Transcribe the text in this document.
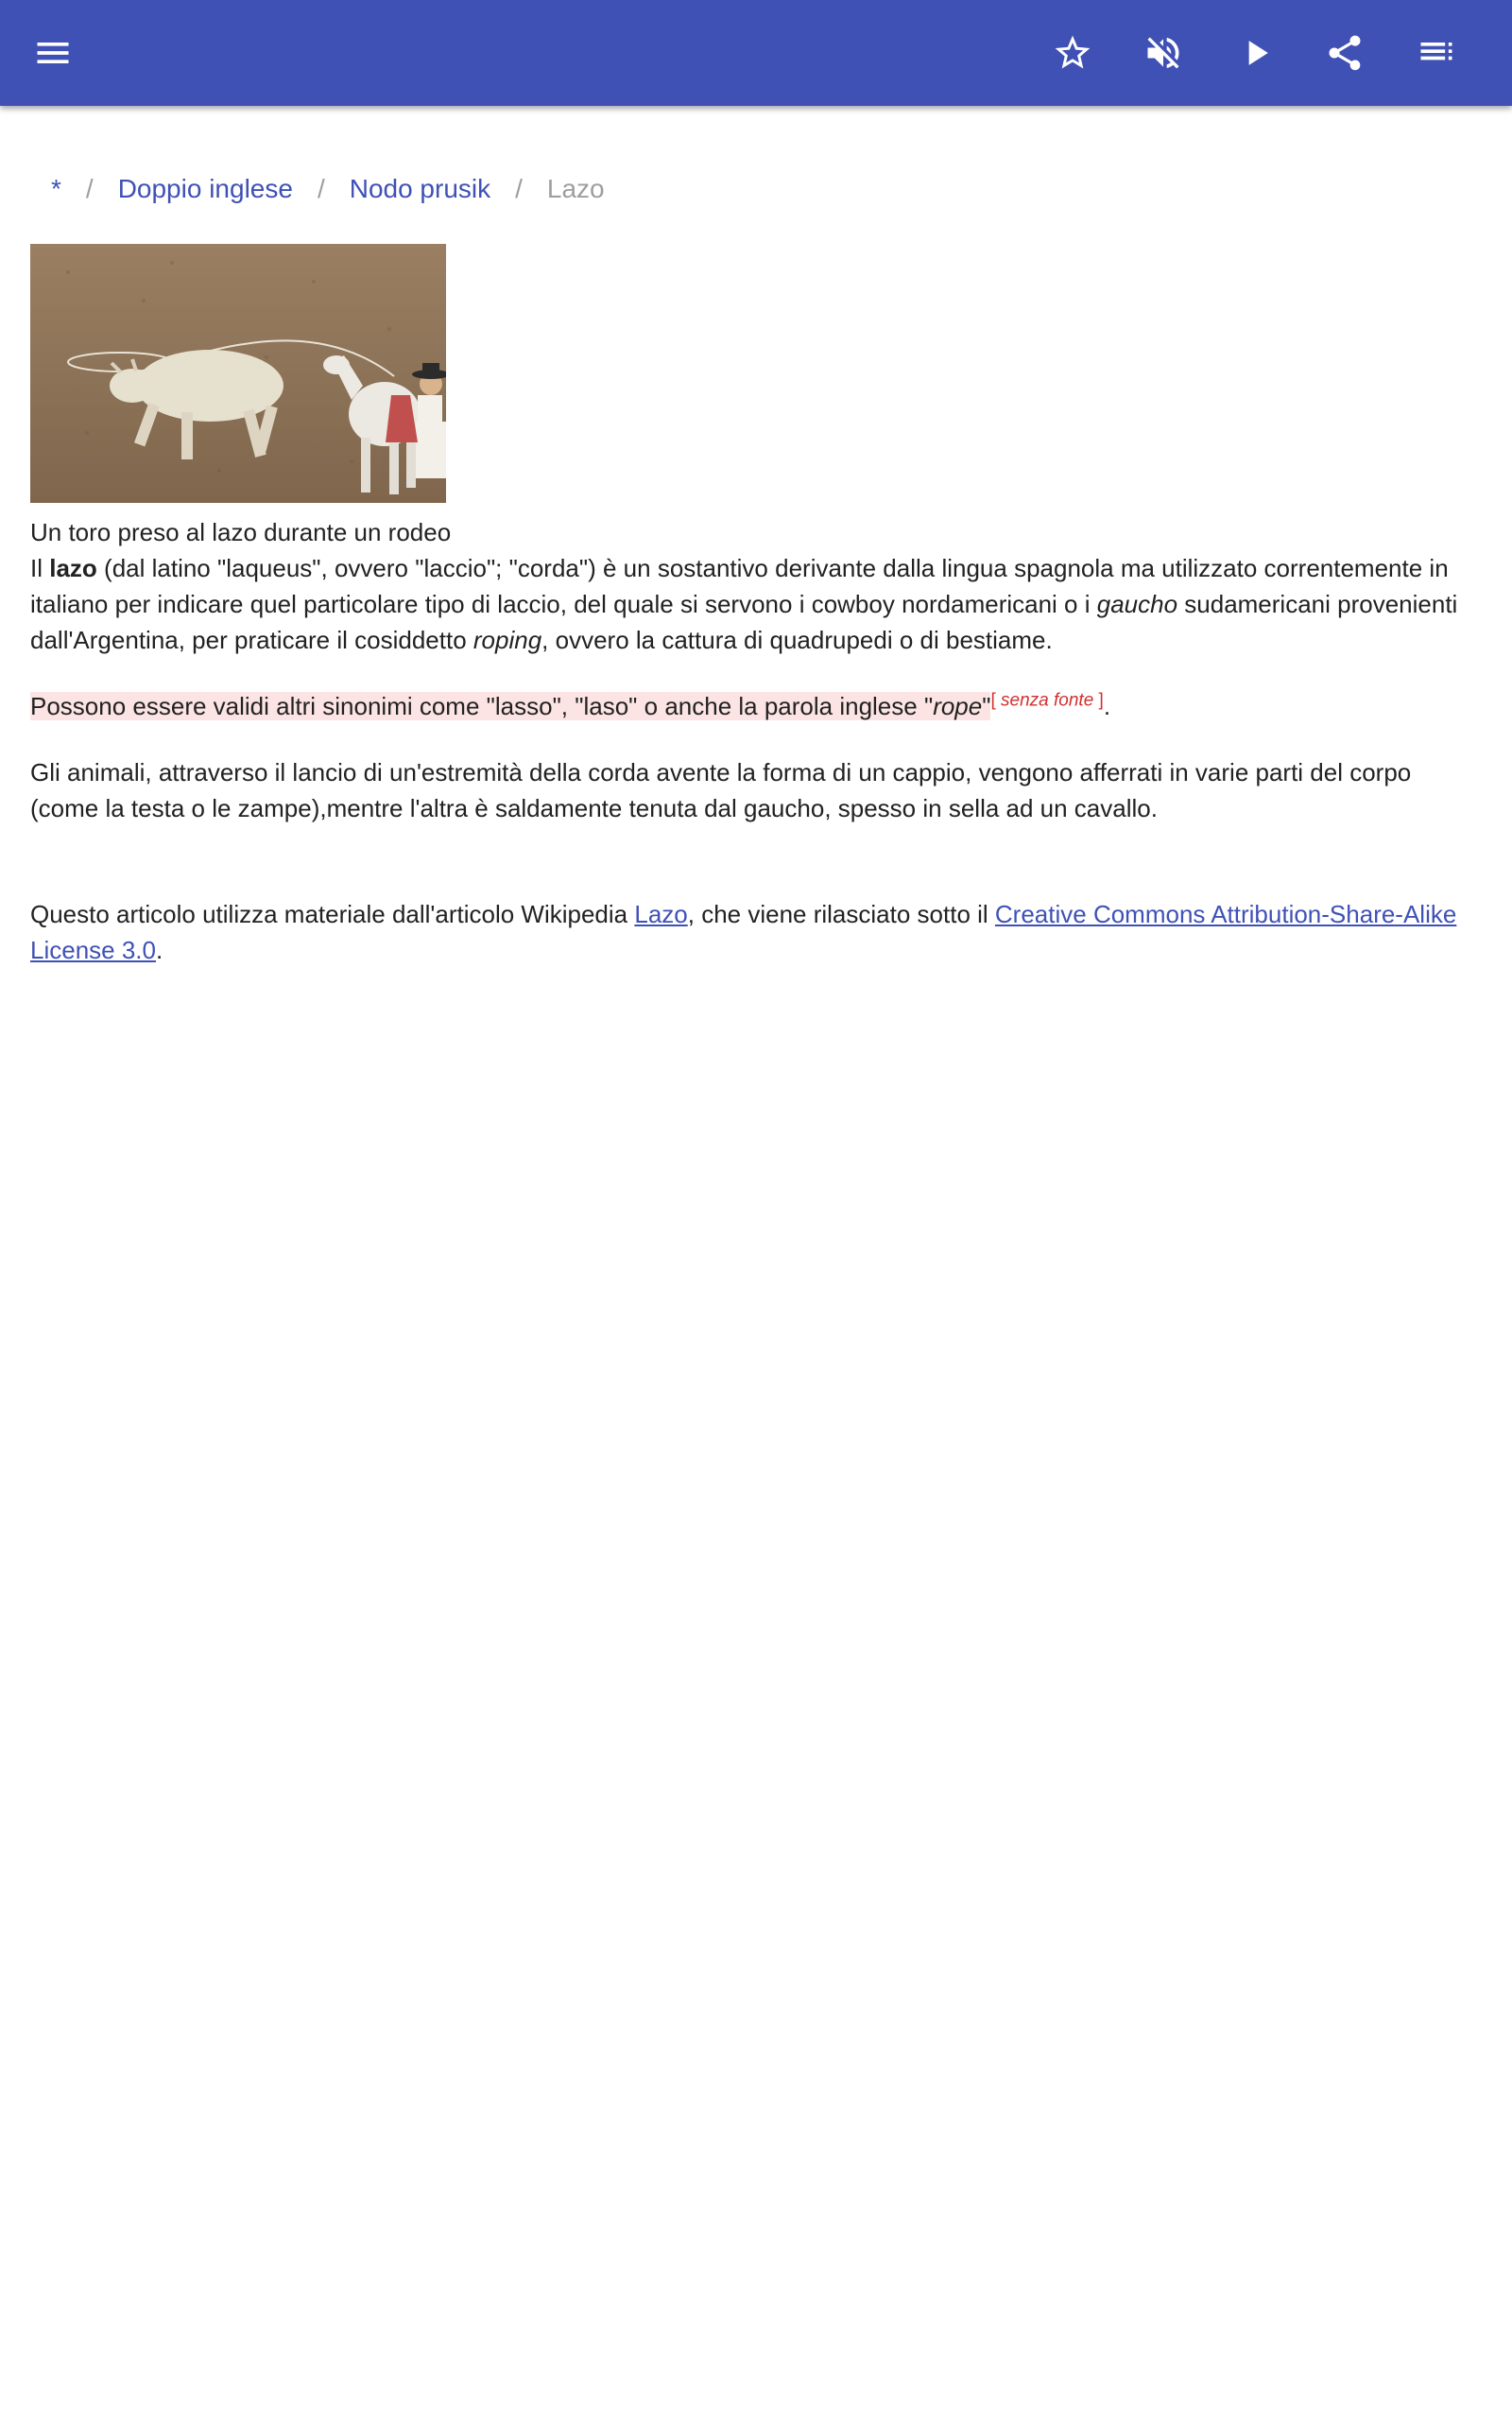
* / Doppio inglese / Nodo prusik / Lazo
Un toro preso al lazo durante un rodeo

Il lazo (dal latino "laqueus", ovvero "laccio"; "corda") è un sostantivo derivante dalla lingua spagnola ma utilizzato correntemente in italiano per indicare quel particolare tipo di laccio, del quale si servono i cowboy nordamericani o i gaucho sudamericani provenienti dall'Argentina, per praticare il cosiddetto roping, ovvero la cattura di quadrupedi o di bestiame.

Possono essere validi altri sinonimi come "lasso", "laso" o anche la parola inglese "rope"[ senza fonte ].

Gli animali, attraverso il lancio di un'estremità della corda avente la forma di un cappio, vengono afferrati in varie parti del corpo (come la testa o le zampe),mentre l'altra è saldamente tenuta dal gaucho, spesso in sella ad un cavallo.

Questo articolo utilizza materiale dall'articolo Wikipedia Lazo, che viene rilasciato sotto il Creative Commons Attribution-Share-Alike License 3.0.
